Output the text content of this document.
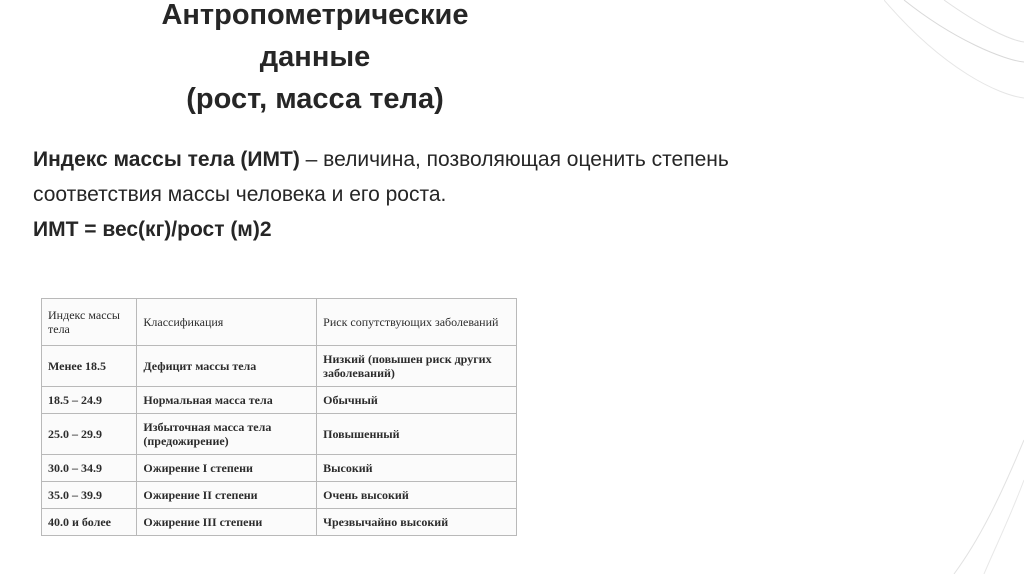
Антропометрические
данные
(рост, масса тела)
Индекс массы тела (ИМТ) – величина, позволяющая оценить степень
соответствия массы человека и его роста.
ИМТ = вес(кг)/рост (м)2
Индекс массы тела	Классификация	Риск сопутствующих заболеваний
Менее 18.5	Дефицит массы тела	Низкий (повышен риск других заболеваний)
18.5 – 24.9	Нормальная масса тела	Обычный
25.0 – 29.9	Избыточная масса тела (предожирение)	Повышенный
30.0 – 34.9	Ожирение I степени	Высокий
35.0 – 39.9	Ожирение II степени	Очень высокий
40.0 и более	Ожирение III степени	Чрезвычайно высокий
